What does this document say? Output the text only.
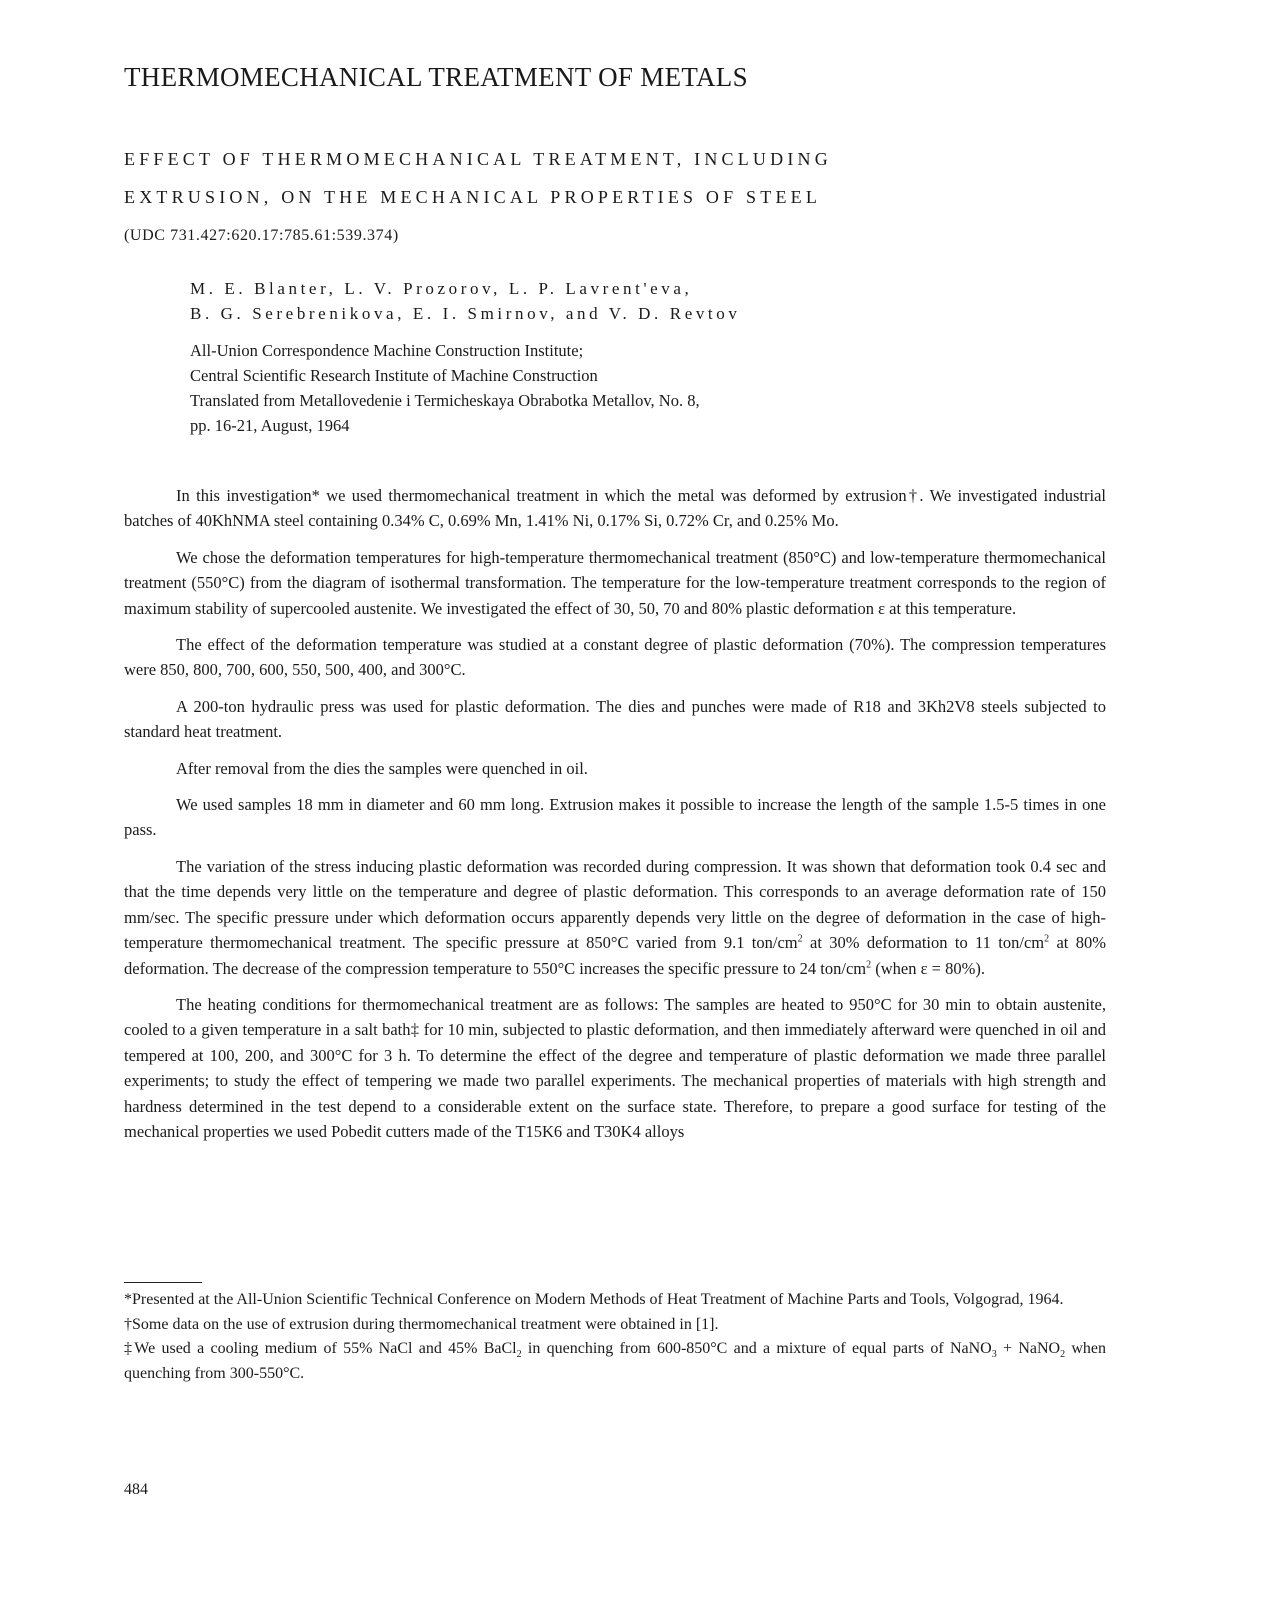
THERMOMECHANICAL TREATMENT OF METALS
EFFECT OF THERMOMECHANICAL TREATMENT, INCLUDING
EXTRUSION, ON THE MECHANICAL PROPERTIES OF STEEL
(UDC 731.427:620.17:785.61:539.374)
M. E. Blanter, L. V. Prozorov, L. P. Lavrent'eva,
B. G. Serebrenikova, E. I. Smirnov, and V. D. Revtov
All-Union Correspondence Machine Construction Institute;
Central Scientific Research Institute of Machine Construction
Translated from Metallovedenie i Termicheskaya Obrabotka Metallov, No. 8,
pp. 16-21, August, 1964

In this investigation* we used thermomechanical treatment in which the metal was deformed by extrusion†. We investigated industrial batches of 40KhNMA steel containing 0.34% C, 0.69% Mn, 1.41% Ni, 0.17% Si, 0.72% Cr, and 0.25% Mo.

We chose the deformation temperatures for high-temperature thermomechanical treatment (850°C) and low-temperature thermomechanical treatment (550°C) from the diagram of isothermal transformation. The temperature for the low-temperature treatment corresponds to the region of maximum stability of supercooled austenite. We investigated the effect of 30, 50, 70 and 80% plastic deformation ε at this temperature.

The effect of the deformation temperature was studied at a constant degree of plastic deformation (70%). The compression temperatures were 850, 800, 700, 600, 550, 500, 400, and 300°C.

A 200-ton hydraulic press was used for plastic deformation. The dies and punches were made of R18 and 3Kh2V8 steels subjected to standard heat treatment.

After removal from the dies the samples were quenched in oil.

We used samples 18 mm in diameter and 60 mm long. Extrusion makes it possible to increase the length of the sample 1.5-5 times in one pass.

The variation of the stress inducing plastic deformation was recorded during compression. It was shown that deformation took 0.4 sec and that the time depends very little on the temperature and degree of plastic deformation. This corresponds to an average deformation rate of 150 mm/sec. The specific pressure under which deformation occurs apparently depends very little on the degree of deformation in the case of high-temperature thermomechanical treatment. The specific pressure at 850°C varied from 9.1 ton/$cm^2$ at 30% deformation to 11 ton/$cm^2$ at 80% deformation. The decrease of the compression temperature to 550°C increases the specific pressure to 24 ton/$cm^2$ (when ε = 80%).

The heating conditions for thermomechanical treatment are as follows: The samples are heated to 950°C for 30 min to obtain austenite, cooled to a given temperature in a salt bath‡ for 10 min, subjected to plastic deformation, and then immediately afterward were quenched in oil and tempered at 100, 200, and 300°C for 3 h. To determine the effect of the degree and temperature of plastic deformation we made three parallel experiments; to study the effect of tempering we made two parallel experiments. The mechanical properties of materials with high strength and hardness determined in the test depend to a considerable extent on the surface state. Therefore, to prepare a good surface for testing of the mechanical properties we used Pobedit cutters made of the T15K6 and T30K4 alloys

*Presented at the All-Union Scientific Technical Conference on Modern Methods of Heat Treatment of Machine Parts and Tools, Volgograd, 1964.

†Some data on the use of extrusion during thermomechanical treatment were obtained in [1].

‡We used a cooling medium of 55% NaCl and 45% BaCl$_2$ in quenching from 600-850°C and a mixture of equal parts of NaNO$_3$ + NaNO$_2$ when quenching from 300-550°C.

484
